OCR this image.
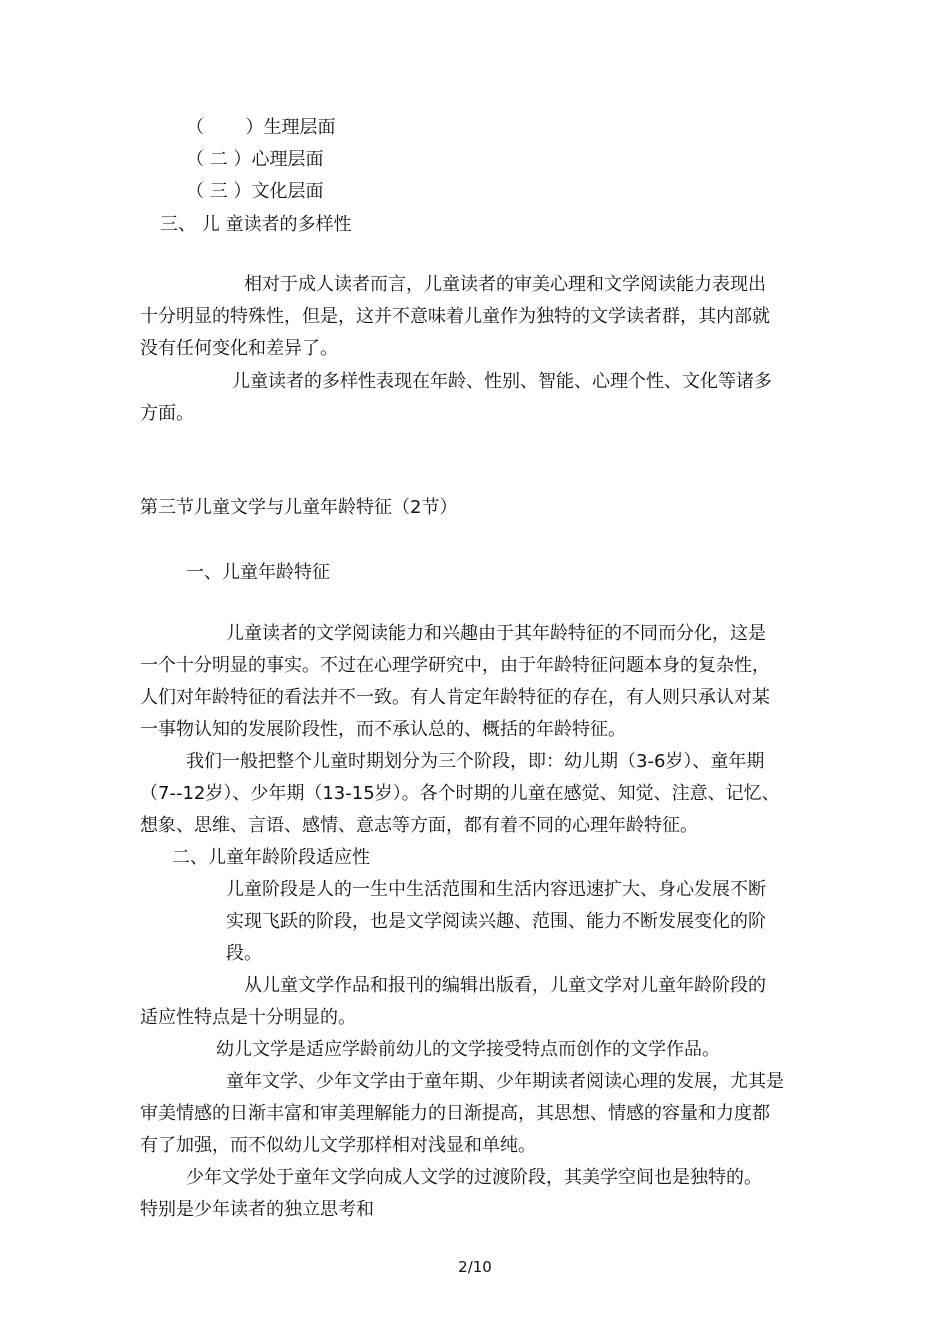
（  ）生理层面
（ 二 ）心理层面
（ 三 ）文化层面
三、 儿 童读者的多样性
相对于成人读者而言，儿童读者的审美心理和文学阅读能力表现出
十分明显的特殊性，但是，这并不意味着儿童作为独特的文学读者群，其内部就
没有任何变化和差异了。
儿童读者的多样性表现在年龄、性别、智能、心理个性、文化等诸多
方面。
第三节儿童文学与儿童年龄特征（2节）
一、儿童年龄特征
儿童读者的文学阅读能力和兴趣由于其年龄特征的不同而分化，这是
一个十分明显的事实。不过在心理学研究中，由于年龄特征问题本身的复杂性，
人们对年龄特征的看法并不一致。有人肯定年龄特征的存在，有人则只承认对某
一事物认知的发展阶段性，而不承认总的、概括的年龄特征。
我们一般把整个儿童时期划分为三个阶段，即：幼儿期（3-6岁）、童年期
（7--12岁）、少年期（13-15岁）。各个时期的儿童在感觉、知觉、注意、记忆、
想象、思维、言语、感情、意志等方面，都有着不同的心理年龄特征。
二、儿童年龄阶段适应性
儿童阶段是人的一生中生活范围和生活内容迅速扩大、身心发展不断
实现飞跃的阶段，也是文学阅读兴趣、范围、能力不断发展变化的阶
段。
从儿童文学作品和报刊的编辑出版看，儿童文学对儿童年龄阶段的
适应性特点是十分明显的。
幼儿文学是适应学龄前幼儿的文学接受特点而创作的文学作品。
童年文学、少年文学由于童年期、少年期读者阅读心理的发展，尤其是
审美情感的日渐丰富和审美理解能力的日渐提高，其思想、情感的容量和力度都
有了加强，而不似幼儿文学那样相对浅显和单纯。
少年文学处于童年文学向成人文学的过渡阶段，其美学空间也是独特的。
特别是少年读者的独立思考和
2/10
